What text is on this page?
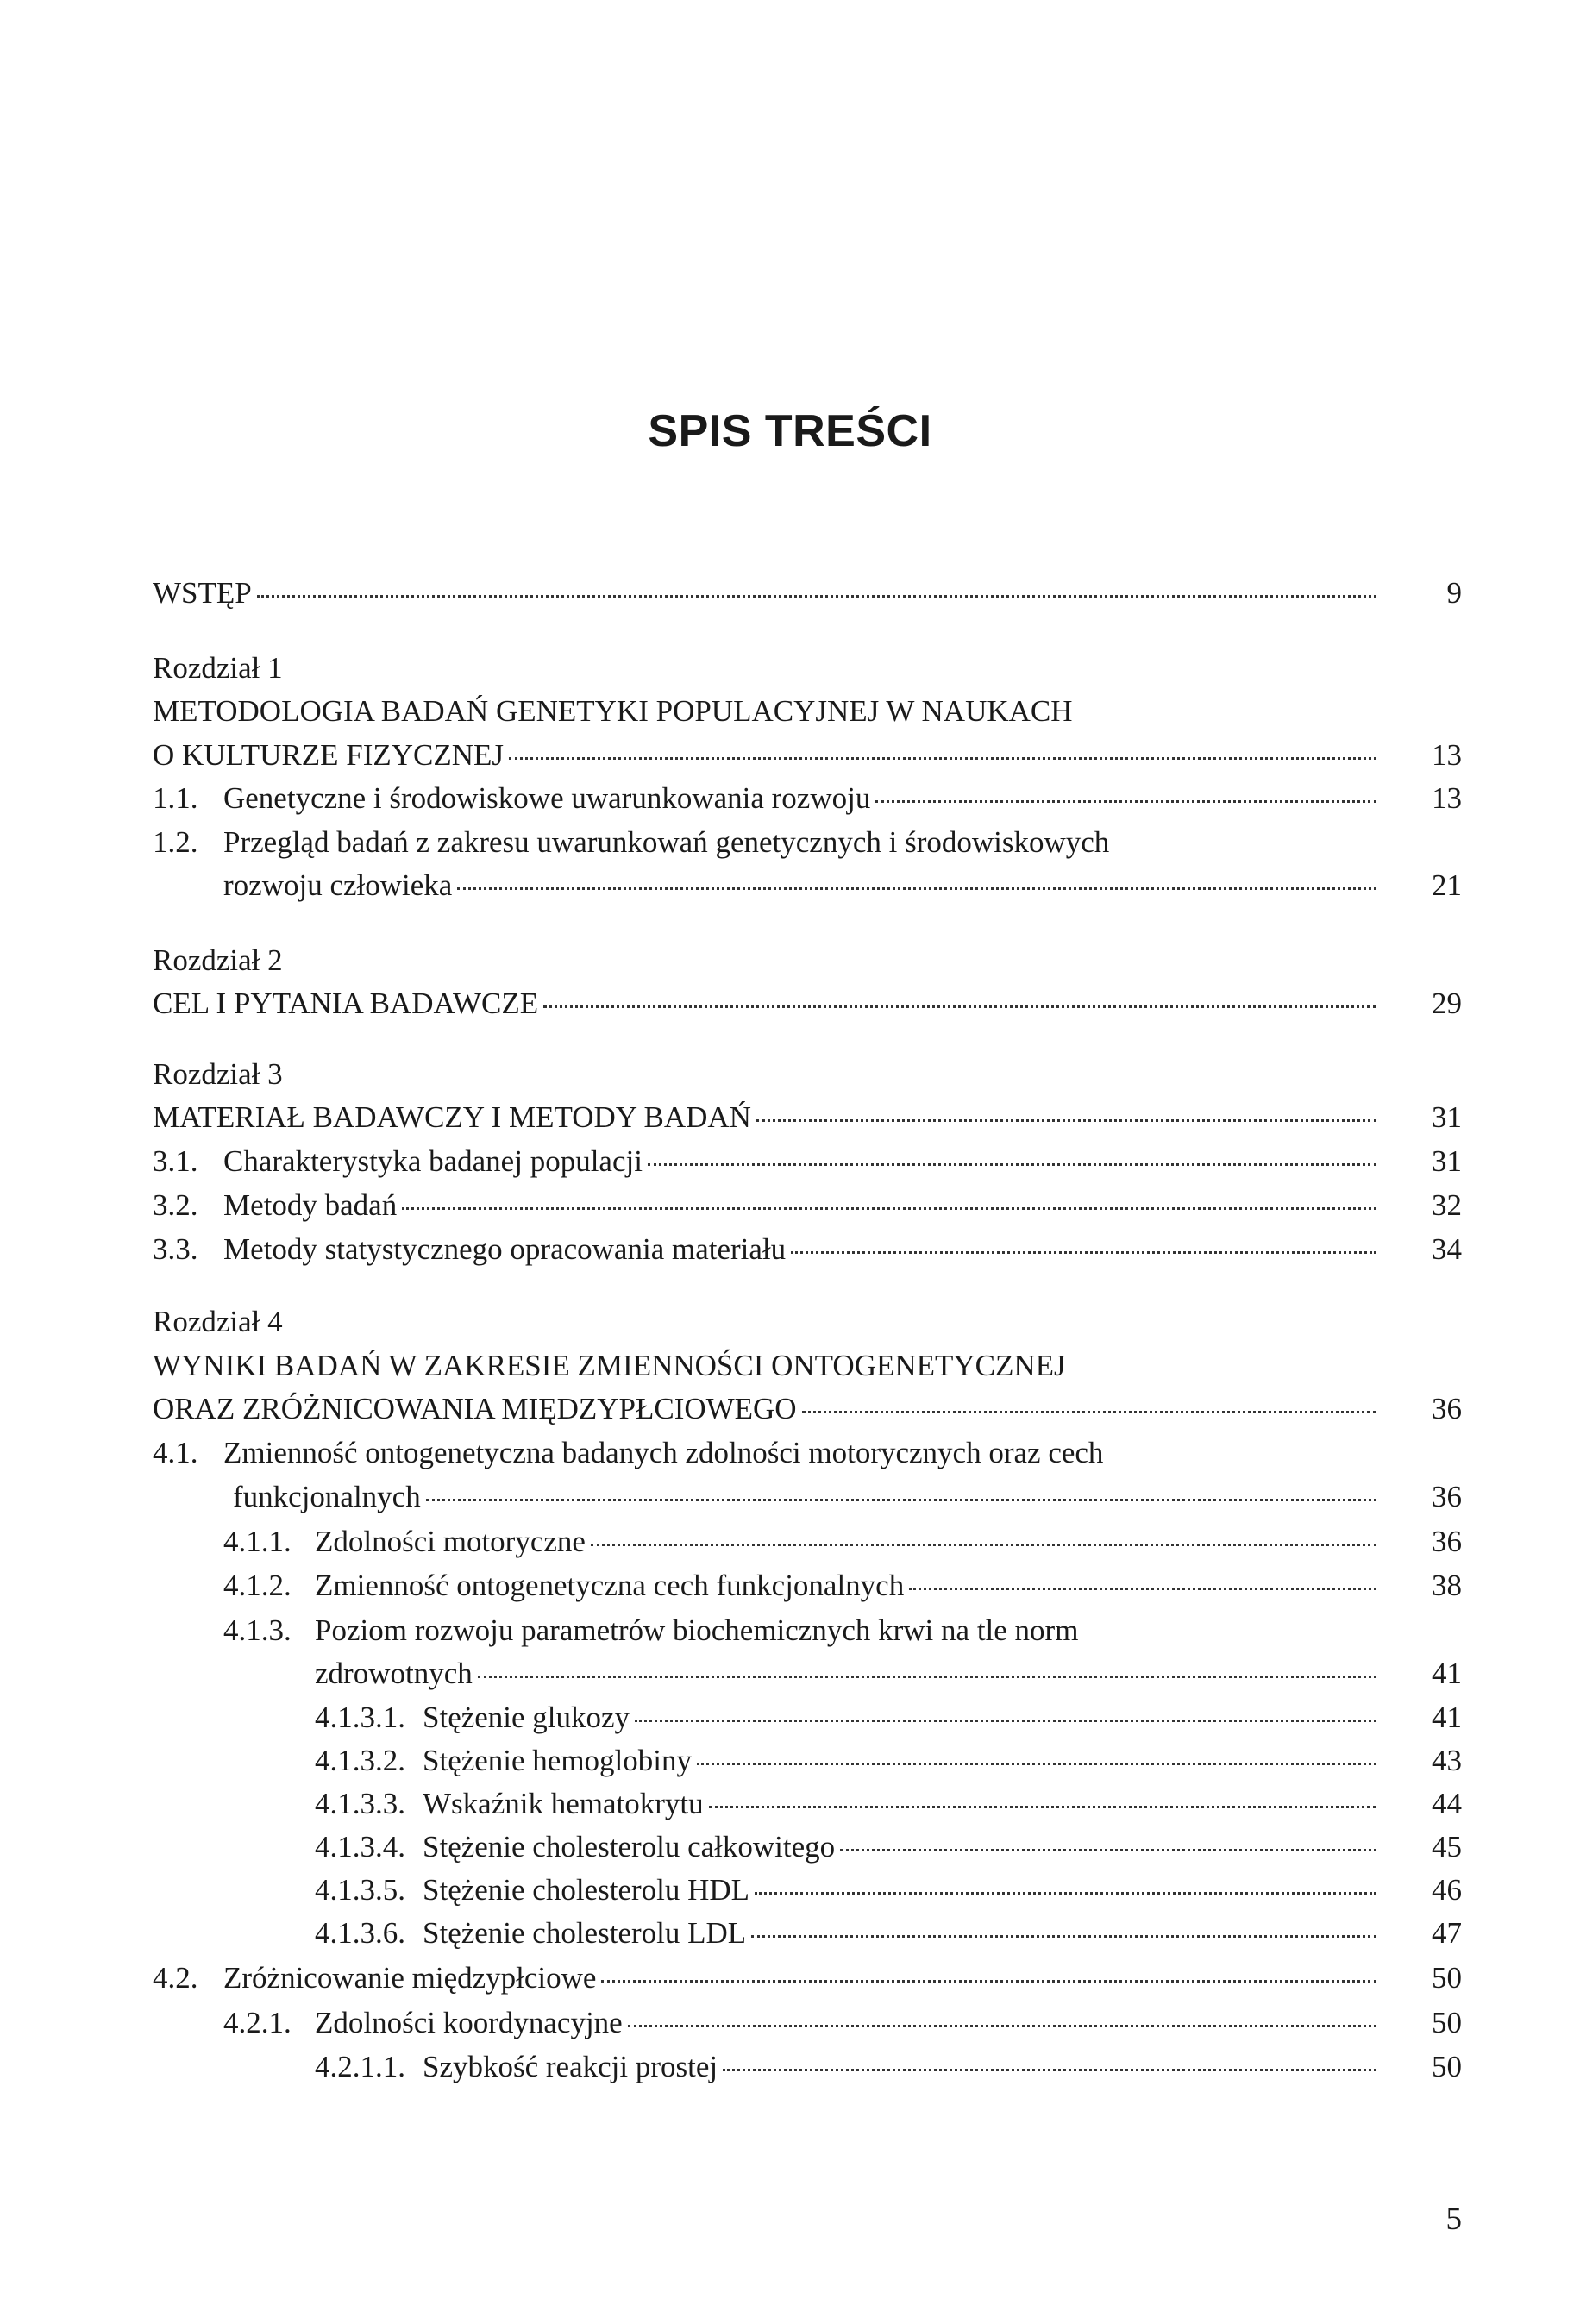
SPIS TREŚCI
WSTĘP	9
Rozdział 1
METODOLOGIA BADAŃ GENETYKI POPULACYJNEJ W NAUKACH
O KULTURZE FIZYCZNEJ	13
1.1. Genetyczne i środowiskowe uwarunkowania rozwoju	13
1.2. Przegląd badań z zakresu uwarunkowań genetycznych i środowiskowych
rozwoju człowieka	21
Rozdział 2
CEL I PYTANIA BADAWCZE	29
Rozdział 3
MATERIAŁ BADAWCZY I METODY BADAŃ	31
3.1. Charakterystyka badanej populacji	31
3.2. Metody badań	32
3.3. Metody statystycznego opracowania materiału	34
Rozdział 4
WYNIKI BADAŃ W ZAKRESIE ZMIENNOŚCI ONTOGENETYCZNEJ
ORAZ ZRÓŻNICOWANIA MIĘDZYPŁCIOWEGO	36
4.1. Zmienność ontogenetyczna badanych zdolności motorycznych oraz cech
funkcjonalnych	36
4.1.1. Zdolności motoryczne	36
4.1.2. Zmienność ontogenetyczna cech funkcjonalnych	38
4.1.3. Poziom rozwoju parametrów biochemicznych krwi na tle norm
zdrowotnych	41
4.1.3.1. Stężenie glukozy	41
4.1.3.2. Stężenie hemoglobiny	43
4.1.3.3. Wskaźnik hematokrytu	44
4.1.3.4. Stężenie cholesterolu całkowitego	45
4.1.3.5. Stężenie cholesterolu HDL	46
4.1.3.6. Stężenie cholesterolu LDL	47
4.2. Zróżnicowanie międzypłciowe	50
4.2.1. Zdolności koordynacyjne	50
4.2.1.1. Szybkość reakcji prostej	50
5
